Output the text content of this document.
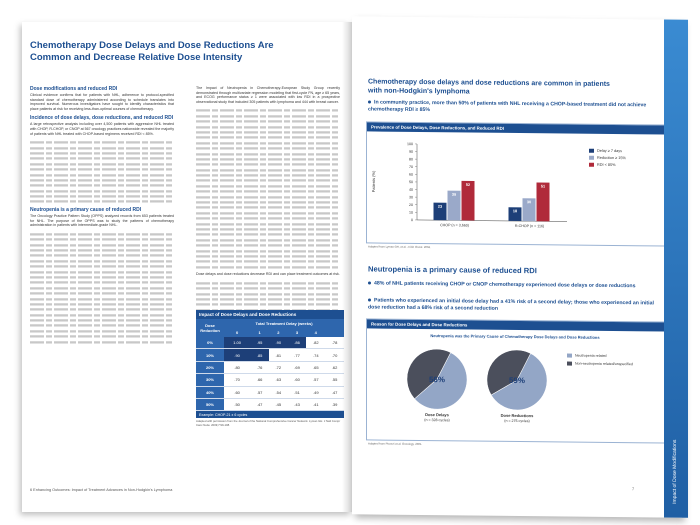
Chemotherapy Dose Delays and Dose Reductions Are
Common and Decrease Relative Dose Intensity
Dose modifications and reduced RDI

Clinical evidence confirms that for patients with NHL, adherence to protocol-specified standard dose of chemotherapy administered according to schedule translates into improved survival. Numerous investigators have sought to identify characteristics that place patients at risk for receiving less-than-optimal courses of chemotherapy.

Incidence of dose delays, dose reductions, and reduced RDI

A large retrospective analysis including over 4,500 patients with aggressive NHL treated with CHOP, R-CHOP, or CNOP at 567 oncology practices nationwide revealed the majority of patients with NHL treated with CHOP-based regimens received RDI < 85%.

Neutropenia is a primary cause of reduced RDI

The Oncology Practice Pattern Study (OPPS) analyzed records from 653 patients treated for NHL. The purpose of the OPPS was to study the patterns of chemotherapy administration in patients with intermediate-grade NHL.

The Impact of Neutropenia in Chemotherapy-European Study Group recently demonstrated through multivariate regression modeling that first-cycle FN, age ≥ 65 years, and ECOG performance status ≥ 1 were associated with low RDI in a prospective observational study that included 305 patients with lymphoma and 444 with breast cancer.

Dose delays and dose reductions decrease RDI and can place treatment outcomes at risk.

Impact of Dose Delays and Dose Reductions
Dose Reduction	Total Treatment Delay (weeks)					
	0	1	2	3	4	
0%	1.00	.95	.90	.86	.82	.78
10%	.90	.85	.81	.77	.74	.70
20%	.80	.76	.72	.69	.65	.62
30%	.70	.66	.63	.60	.57	.55
40%	.60	.57	.54	.51	.49	.47
50%	.50	.47	.45	.43	.41	.39
Example: CHOP-21 x 6 cycles
Adapted with permission from the Journal of the National Comprehensive Cancer Network. Lyman GH. J Natl Compr Canc Netw. 2009;7:99-108.
6 Enhancing Outcomes: Impact of Treatment Advances in Non-Hodgkin's Lymphoma
Chemotherapy dose delays and dose reductions are common in patients
with non-Hodgkin's lymphoma
In community practice, more than 50% of patients with NHL receiving a CHOP-based treatment did not achieve chemotherapy RDI ≥ 85%
Prevalence of Dose Delays, Dose Reductions, and Reduced RDI
Patients (%)
0
10
20
30
40
50
60
70
80
90
100
23
39
52
CHOP (n = 3,660)
18
30
51
R-CHOP (n = 116)
Delay ≥ 7 days
Reduction ≥ 15%
RDI < 85%
Adapted from Lyman GH, et al. J Clin Oncol. 2004.
Neutropenia is a primary cause of reduced RDI
48% of NHL patients receiving CHOP or CNOP chemotherapy experienced dose delays or dose reductions
Patients who experienced an initial dose delay had a 41% risk of a second delay; those who experienced an initial dose reduction had a 68% risk of a second reduction
Reason for Dose Delays and Dose Reductions
Neutropenia was the Primary Cause of Chemotherapy Dose Delays and Dose Reductions
56%
Dose Delays
(n = 328 cycles)
59%
Dose Reductions
(n = 275 cycles)
Neutropenia related
Non-neutropenia related/unspecified
Adapted from Picozzi et al. Oncology. 2001.
7	Impact of Dose Modifications
